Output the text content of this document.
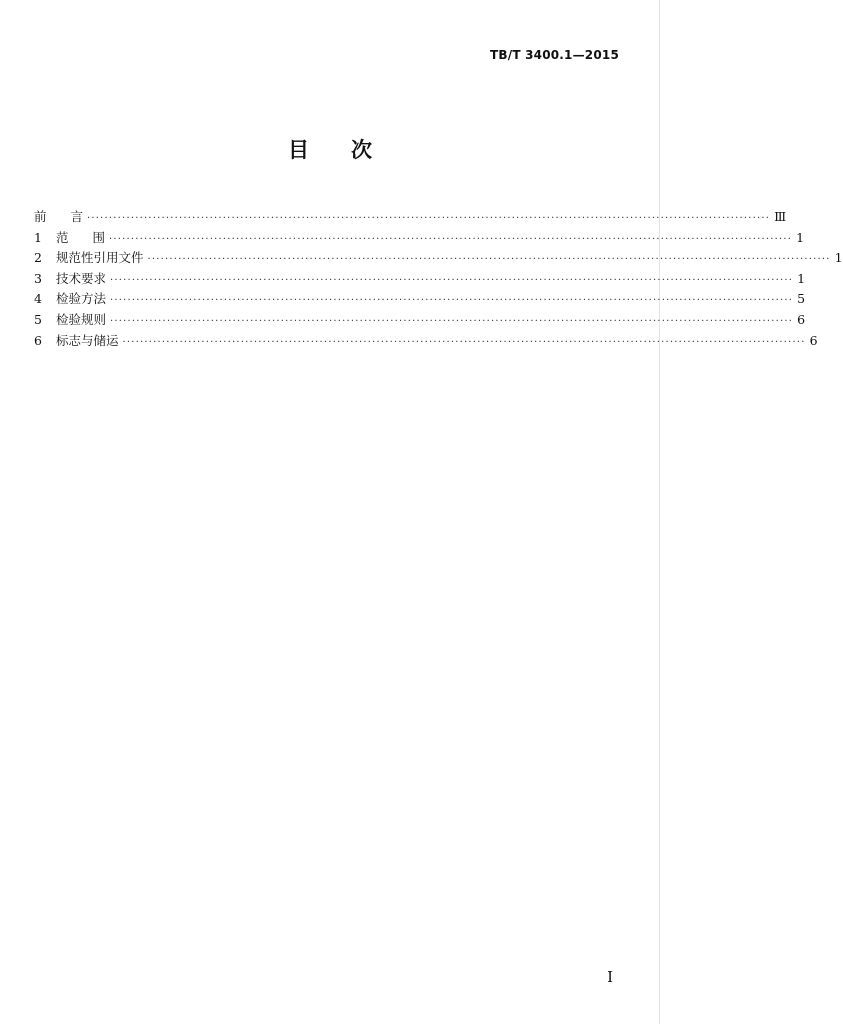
TB/T 3400.1—2015
目 次
前 言 ···························································································································································· Ⅲ
1	范 围 ···························································································································································· 1
2	规范性引用文件 ···························································································································································· 1
3	技术要求 ···························································································································································· 1
4	检验方法 ···························································································································································· 5
5	检验规则 ···························································································································································· 6
6	标志与储运 ···························································································································································· 6
I
